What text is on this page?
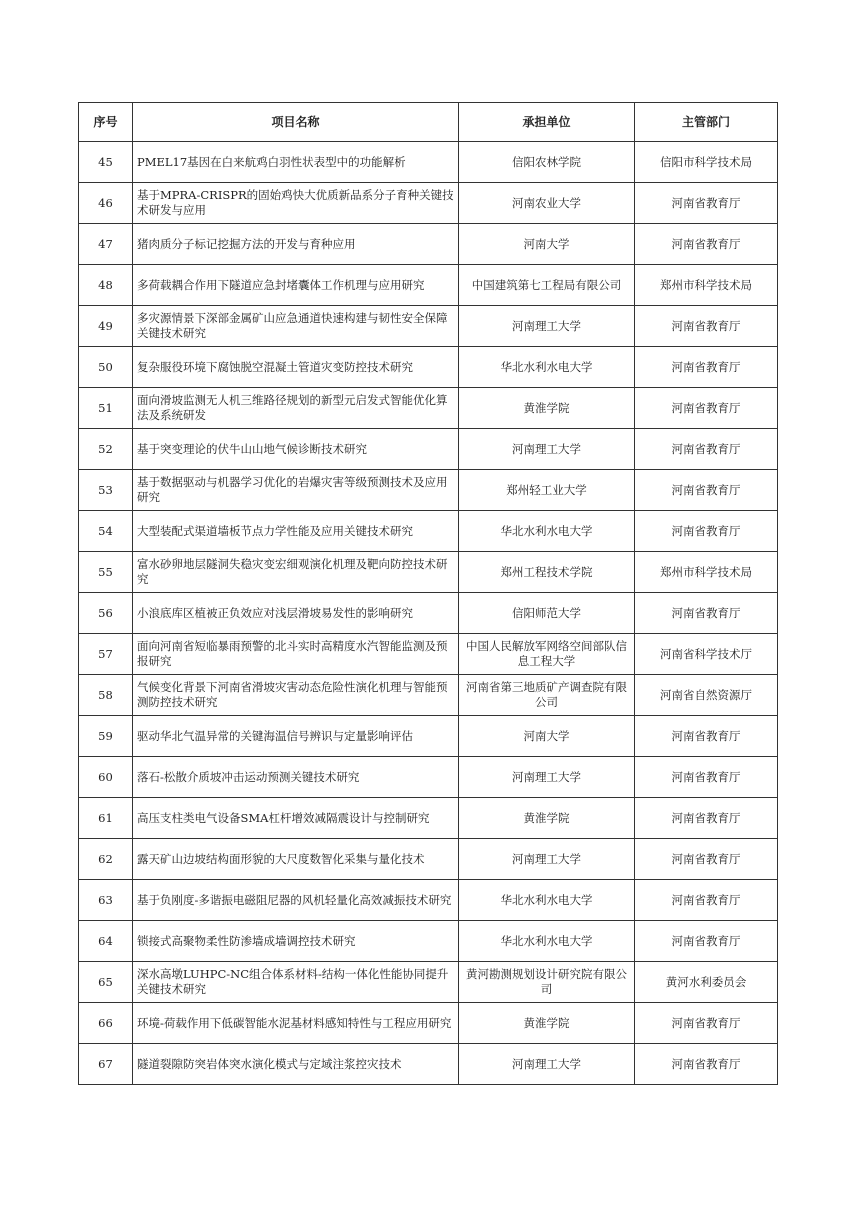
序号	项目名称	承担单位	主管部门
45	PMEL17基因在白来航鸡白羽性状表型中的功能解析	信阳农林学院	信阳市科学技术局
46	基于MPRA-CRISPR的固始鸡快大优质新品系分子育种关键技术研发与应用	河南农业大学	河南省教育厅
47	猪肉质分子标记挖掘方法的开发与育种应用	河南大学	河南省教育厅
48	多荷载耦合作用下隧道应急封堵囊体工作机理与应用研究	中国建筑第七工程局有限公司	郑州市科学技术局
49	多灾源情景下深部金属矿山应急通道快速构建与韧性安全保障关键技术研究	河南理工大学	河南省教育厅
50	复杂服役环境下腐蚀脱空混凝土管道灾变防控技术研究	华北水利水电大学	河南省教育厅
51	面向滑坡监测无人机三维路径规划的新型元启发式智能优化算法及系统研发	黄淮学院	河南省教育厅
52	基于突变理论的伏牛山山地气候诊断技术研究	河南理工大学	河南省教育厅
53	基于数据驱动与机器学习优化的岩爆灾害等级预测技术及应用研究	郑州轻工业大学	河南省教育厅
54	大型装配式渠道墙板节点力学性能及应用关键技术研究	华北水利水电大学	河南省教育厅
55	富水砂卵地层隧洞失稳灾变宏细观演化机理及靶向防控技术研究	郑州工程技术学院	郑州市科学技术局
56	小浪底库区植被正负效应对浅层滑坡易发性的影响研究	信阳师范大学	河南省教育厅
57	面向河南省短临暴雨预警的北斗实时高精度水汽智能监测及预报研究	中国人民解放军网络空间部队信息工程大学	河南省科学技术厅
58	气候变化背景下河南省滑坡灾害动态危险性演化机理与智能预测防控技术研究	河南省第三地质矿产调查院有限公司	河南省自然资源厅
59	驱动华北气温异常的关键海温信号辨识与定量影响评估	河南大学	河南省教育厅
60	落石-松散介质坡冲击运动预测关键技术研究	河南理工大学	河南省教育厅
61	高压支柱类电气设备SMA杠杆增效减隔震设计与控制研究	黄淮学院	河南省教育厅
62	露天矿山边坡结构面形貌的大尺度数智化采集与量化技术	河南理工大学	河南省教育厅
63	基于负刚度-多谐振电磁阻尼器的风机轻量化高效减振技术研究	华北水利水电大学	河南省教育厅
64	锁接式高聚物柔性防渗墙成墙调控技术研究	华北水利水电大学	河南省教育厅
65	深水高墩LUHPC-NC组合体系材料-结构一体化性能协同提升关键技术研究	黄河勘测规划设计研究院有限公司	黄河水利委员会
66	环境-荷载作用下低碳智能水泥基材料感知特性与工程应用研究	黄淮学院	河南省教育厅
67	隧道裂隙防突岩体突水演化模式与定域注浆控灾技术	河南理工大学	河南省教育厅
